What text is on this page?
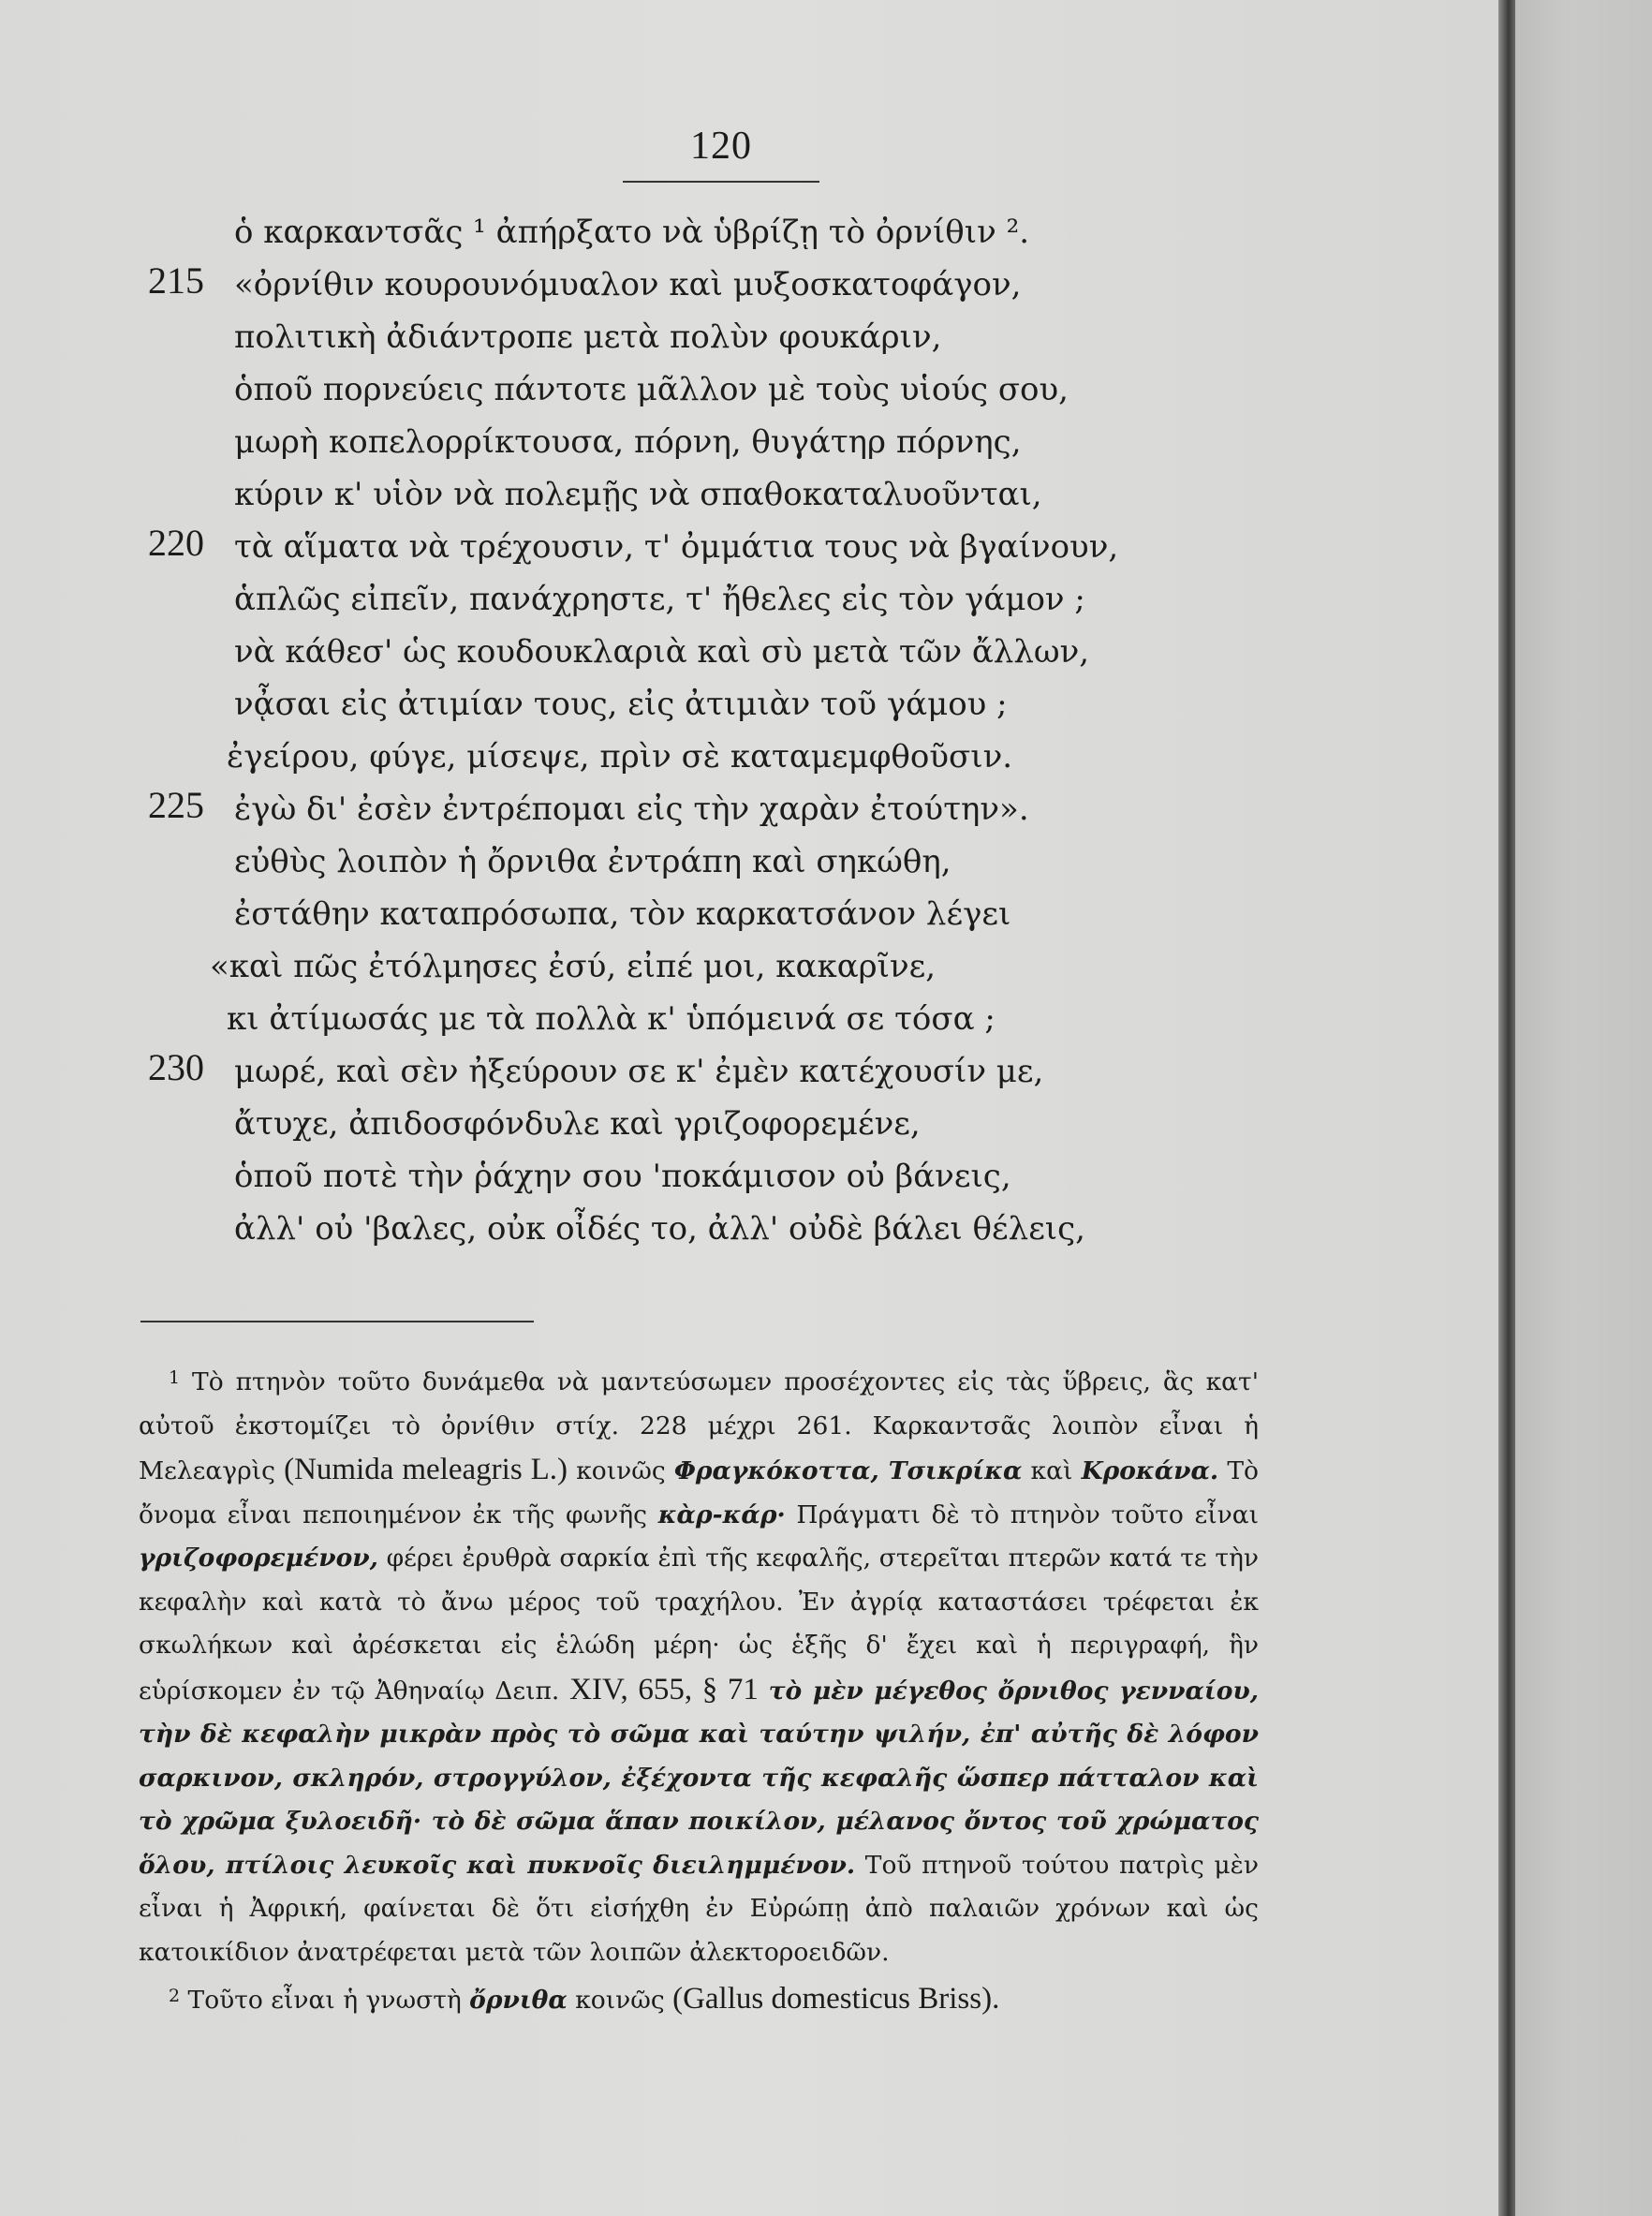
120
ὁ καρκαντσᾶς ¹ ἀπήρξατο νὰ ὑβρίζῃ τὸ ὀρνίθιν ².
215 «ὀρνίθιν κουρουνόμυαλον καὶ μυξοσκατοφάγον,
πολιτικὴ ἀδιάντροπε μετὰ πολὺν φουκάριν,
ὁποῦ πορνεύεις πάντοτε μᾶλλον μὲ τοὺς υἱούς σου,
μωρὴ κοπελορρίκτουσα, πόρνη, θυγάτηρ πόρνης,
κύριν κ' υἱὸν νὰ πολεμῇς νὰ σπαθοκαταλυοῦνται,
220 τὰ αἵματα νὰ τρέχουσιν, τ' ὀμμάτια τους νὰ βγαίνουν,
ἁπλῶς εἰπεῖν, πανάχρηστε, τ' ἤθελες εἰς τὸν γάμον ;
νὰ κάθεσ' ὡς κουδουκλαριὰ καὶ σὺ μετὰ τῶν ἄλλων,
νᾆσαι εἰς ἀτιμίαν τους, εἰς ἀτιμιὰν τοῦ γάμου ;
ἐγείρου, φύγε, μίσεψε, πρὶν σὲ καταμεμφθοῦσιν.
225 ἐγὼ δι' ἐσὲν ἐντρέπομαι εἰς τὴν χαρὰν ἐτούτην».
εὐθὺς λοιπὸν ἡ ὄρνιθα ἐντράπη καὶ σηκώθη,
ἐστάθην καταπρόσωπα, τὸν καρκατσάνον λέγει
«καὶ πῶς ἐτόλμησες ἐσύ, εἰπέ μοι, κακαρῖνε,
κι ἀτίμωσάς με τὰ πολλὰ κ' ὑπόμεινά σε τόσα ;
230 μωρέ, καὶ σὲν ἠξεύρουν σε κ' ἐμὲν κατέχουσίν με,
ἄτυχε, ἀπιδοσφόνδυλε καὶ γριζοφορεμένε,
ὁποῦ ποτὲ τὴν ῥάχην σου 'ποκάμισον οὐ βάνεις,
ἀλλ' οὐ 'βαλες, οὐκ οἶδές το, ἀλλ' οὐδὲ βάλει θέλεις,

$^1$ Τὸ πτηνὸν τοῦτο δυνάμεθα νὰ μαντεύσωμεν προσέχοντες εἰς τὰς ὕβρεις, ἃς κατ' αὐτοῦ ἐκστομίζει τὸ ὀρνίθιν στίχ. 228 μέχρι 261. Καρκαντσᾶς λοιπὸν εἶναι ἡ Μελεαγρὶς (Numida meleagris L.) κοινῶς Φραγκόκοττα, Τσικρίκα καὶ Κροκάνα. Τὸ ὄνομα εἶναι πεποιημένον ἐκ τῆς φωνῆς κὰρ-κάρ· Πράγματι δὲ τὸ πτηνὸν τοῦτο εἶναι γριζοφορεμένον, φέρει ἐρυθρὰ σαρκία ἐπὶ τῆς κεφαλῆς, στερεῖται πτερῶν κατά τε τὴν κεφαλὴν καὶ κατὰ τὸ ἄνω μέρος τοῦ τραχήλου. Ἐν ἀγρίᾳ καταστάσει τρέφεται ἐκ σκωλήκων καὶ ἀρέσκεται εἰς ἑλώδη μέρη· ὡς ἑξῆς δ' ἔχει καὶ ἡ περιγραφή, ἣν εὑρίσκομεν ἐν τῷ Ἀθηναίῳ Δειπ. XIV, 655, § 71 τὸ μὲν μέγεθος ὄρνιθος γενναίου, τὴν δὲ κεφαλὴν μικρὰν πρὸς τὸ σῶμα καὶ ταύτην ψιλήν, ἐπ' αὐτῆς δὲ λόφον σαρκινον, σκληρόν, στρογγύλον, ἐξέχοντα τῆς κεφαλῆς ὥσπερ πάτταλον καὶ τὸ χρῶμα ξυλοειδῆ· τὸ δὲ σῶμα ἅπαν ποικίλον, μέλανος ὄντος τοῦ χρώματος ὅλου, πτίλοις λευκοῖς καὶ πυκνοῖς διειλημμένον. Τοῦ πτηνοῦ τούτου πατρὶς μὲν εἶναι ἡ Ἀφρική, φαίνεται δὲ ὅτι εἰσήχθη ἐν Εὐρώπῃ ἀπὸ παλαιῶν χρόνων καὶ ὡς κατοικίδιον ἀνατρέφεται μετὰ τῶν λοιπῶν ἀλεκτοροειδῶν.

$^2$ Τοῦτο εἶναι ἡ γνωστὴ ὄρνιθα κοινῶς (Gallus domesticus Briss).
